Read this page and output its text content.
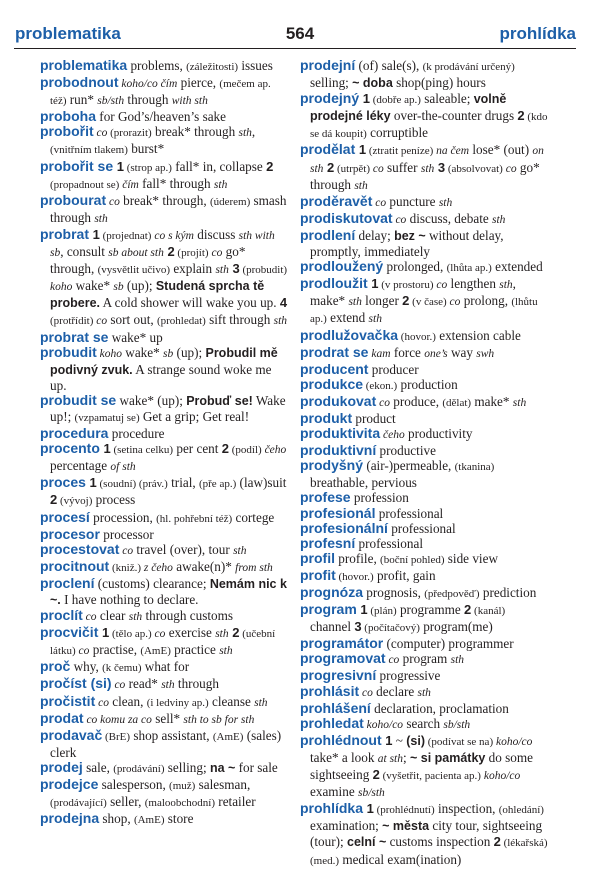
problematika	564	prohlídka

problematika problems, (záležitosti) issues

probodnout koho/co čím pierce, (mečem ap. též) run* sb/sth through with sth

proboha for God’s/heaven’s sake

probořit co (prorazit) break* through sth, (vnitřním tlakem) burst*

probořit se 1 (strop ap.) fall* in, collapse 2 (propadnout se) čím fall* through sth

probourat co break* through, (úderem) smash through sth

probrat 1 (projednat) co s kým discuss sth with sb, consult sb about sth 2 (projít) co go* through, (vysvětlit učivo) explain sth 3 (probudit) koho wake* sb (up); Studená sprcha tě probere. A cold shower will wake you up. 4 (protřídit) co sort out, (prohledat) sift through sth

probrat se wake* up

probudit koho wake* sb (up); Probudil mě podivný zvuk. A strange sound woke me up.

probudit se wake* (up); Probuď se! Wake up!; (vzpamatuj se) Get a grip; Get real!

procedura procedure

procento 1 (setina celku) per cent 2 (podíl) čeho percentage of sth

proces 1 (soudní) (práv.) trial, (pře ap.) (law)suit 2 (vývoj) process

procesí procession, (hl. pohřební též) cortege

procesor processor

procestovat co travel (over), tour sth

procitnout (kniž.) z čeho awake(n)* from sth

proclení (customs) clearance; Nemám nic k ~. I have nothing to declare.

proclít co clear sth through customs

procvičit 1 (tělo ap.) co exercise sth 2 (učební látku) co practise, (AmE) practice sth

proč why, (k čemu) what for

pročíst (si) co read* sth through

pročistit co clean, (i ledviny ap.) cleanse sth

prodat co komu za co sell* sth to sb for sth

prodavač (BrE) shop assistant, (AmE) (sales) clerk

prodej sale, (prodávání) selling; na ~ for sale

prodejce salesperson, (muž) salesman, (prodávající) seller, (maloobchodní) retailer

prodejna shop, (AmE) store

prodejní (of) sale(s), (k prodávání určený) selling; ~ doba shop(ping) hours

prodejný 1 (dobře ap.) saleable; volně prodejné léky over-the-counter drugs 2 (kdo se dá koupit) corruptible

prodělat 1 (ztratit peníze) na čem lose* (out) on sth 2 (utrpět) co suffer sth 3 (absolvovat) co go* through sth

proděravět co puncture sth

prodiskutovat co discuss, debate sth

prodlení delay; bez ~ without delay, promptly, immediately

prodloužený prolonged, (lhůta ap.) extended

prodloužit 1 (v prostoru) co lengthen sth, make* sth longer 2 (v čase) co prolong, (lhůtu ap.) extend sth

prodlužovačka (hovor.) extension cable

prodrat se kam force one’s way swh

producent producer

produkce (ekon.) production

produkovat co produce, (dělat) make* sth

produkt product

produktivita čeho productivity

produktivní productive

prodyšný (air-)permeable, (tkanina) breathable, pervious

profese profession

profesionál professional

profesionální professional

profesní professional

profil profile, (boční pohled) side view

profit (hovor.) profit, gain

prognóza prognosis, (předpověď) prediction

program 1 (plán) programme 2 (kanál) channel 3 (počítačový) program(me)

programátor (computer) programmer

programovat co program sth

progresivní progressive

prohlásit co declare sth

prohlášení declaration, proclamation

prohledat koho/co search sb/sth

prohlédnout 1 ~ (si) (podívat se na) koho/co take* a look at sth; ~ si památky do some sightseeing 2 (vyšetřit, pacienta ap.) koho/co examine sb/sth

prohlídka 1 (prohlédnutí) inspection, (ohledání) examination; ~ města city tour, sightseeing (tour); celní ~ customs inspection 2 (lékařská) (med.) medical exam(ination)
